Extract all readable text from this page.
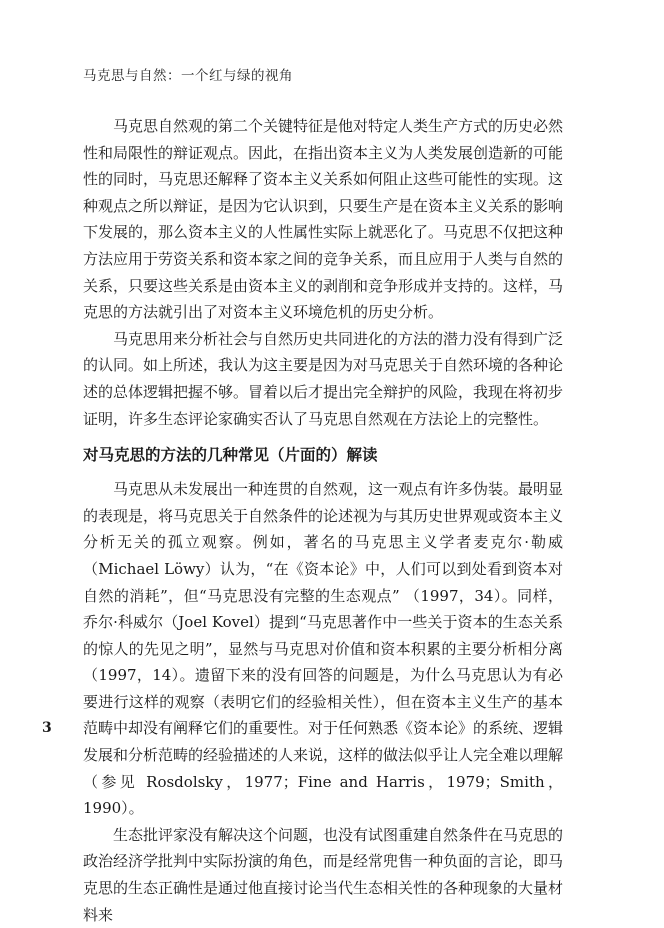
马克思与自然：一个红与绿的视角

马克思自然观的第二个关键特征是他对特定人类生产方式的历史必然性和局限性的辩证观点。因此，在指出资本主义为人类发展创造新的可能性的同时，马克思还解释了资本主义关系如何阻止这些可能性的实现。这种观点之所以辩证，是因为它认识到，只要生产是在资本主义关系的影响下发展的，那么资本主义的人性属性实际上就恶化了。马克思不仅把这种方法应用于劳资关系和资本家之间的竞争关系，而且应用于人类与自然的关系，只要这些关系是由资本主义的剥削和竞争形成并支持的。这样，马克思的方法就引出了对资本主义环境危机的历史分析。

马克思用来分析社会与自然历史共同进化的方法的潜力没有得到广泛的认同。如上所述，我认为这主要是因为对马克思关于自然环境的各种论述的总体逻辑把握不够。冒着以后才提出完全辩护的风险，我现在将初步证明，许多生态评论家确实否认了马克思自然观在方法论上的完整性。

对马克思的方法的几种常见（片面的）解读

马克思从未发展出一种连贯的自然观，这一观点有许多伪装。最明显的表现是，将马克思关于自然条件的论述视为与其历史世界观或资本主义分析无关的孤立观察。例如，著名的马克思主义学者麦克尔·勒威（Michael Löwy）认为，“在《资本论》中，人们可以到处看到资本对自然的消耗”，但“马克思没有完整的生态观点” （1997，34）。同样，乔尔·科威尔（Joel Kovel）提到“马克思著作中一些关于资本的生态关系的惊人的先见之明”，显然与马克思对价值和资本积累的主要分析相分离（1997，14）。遗留下来的没有回答的问题是，为什么马克思认为有必要进行这样的观察（表明它们的经验相关性），但在资本主义生产的基本范畴中却没有阐释它们的重要性。对于任何熟悉《资本论》的系统、逻辑发展和分析范畴的经验描述的人来说，这样的做法似乎让人完全难以理解（参见 Rosdolsky，1977；Fine and Harris，1979；Smith，1990）。

生态批评家没有解决这个问题，也没有试图重建自然条件在马克思的政治经济学批判中实际扮演的角色，而是经常兜售一种负面的言论，即马克思的生态正确性是通过他直接讨论当代生态相关性的各种现象的大量材料来

3
